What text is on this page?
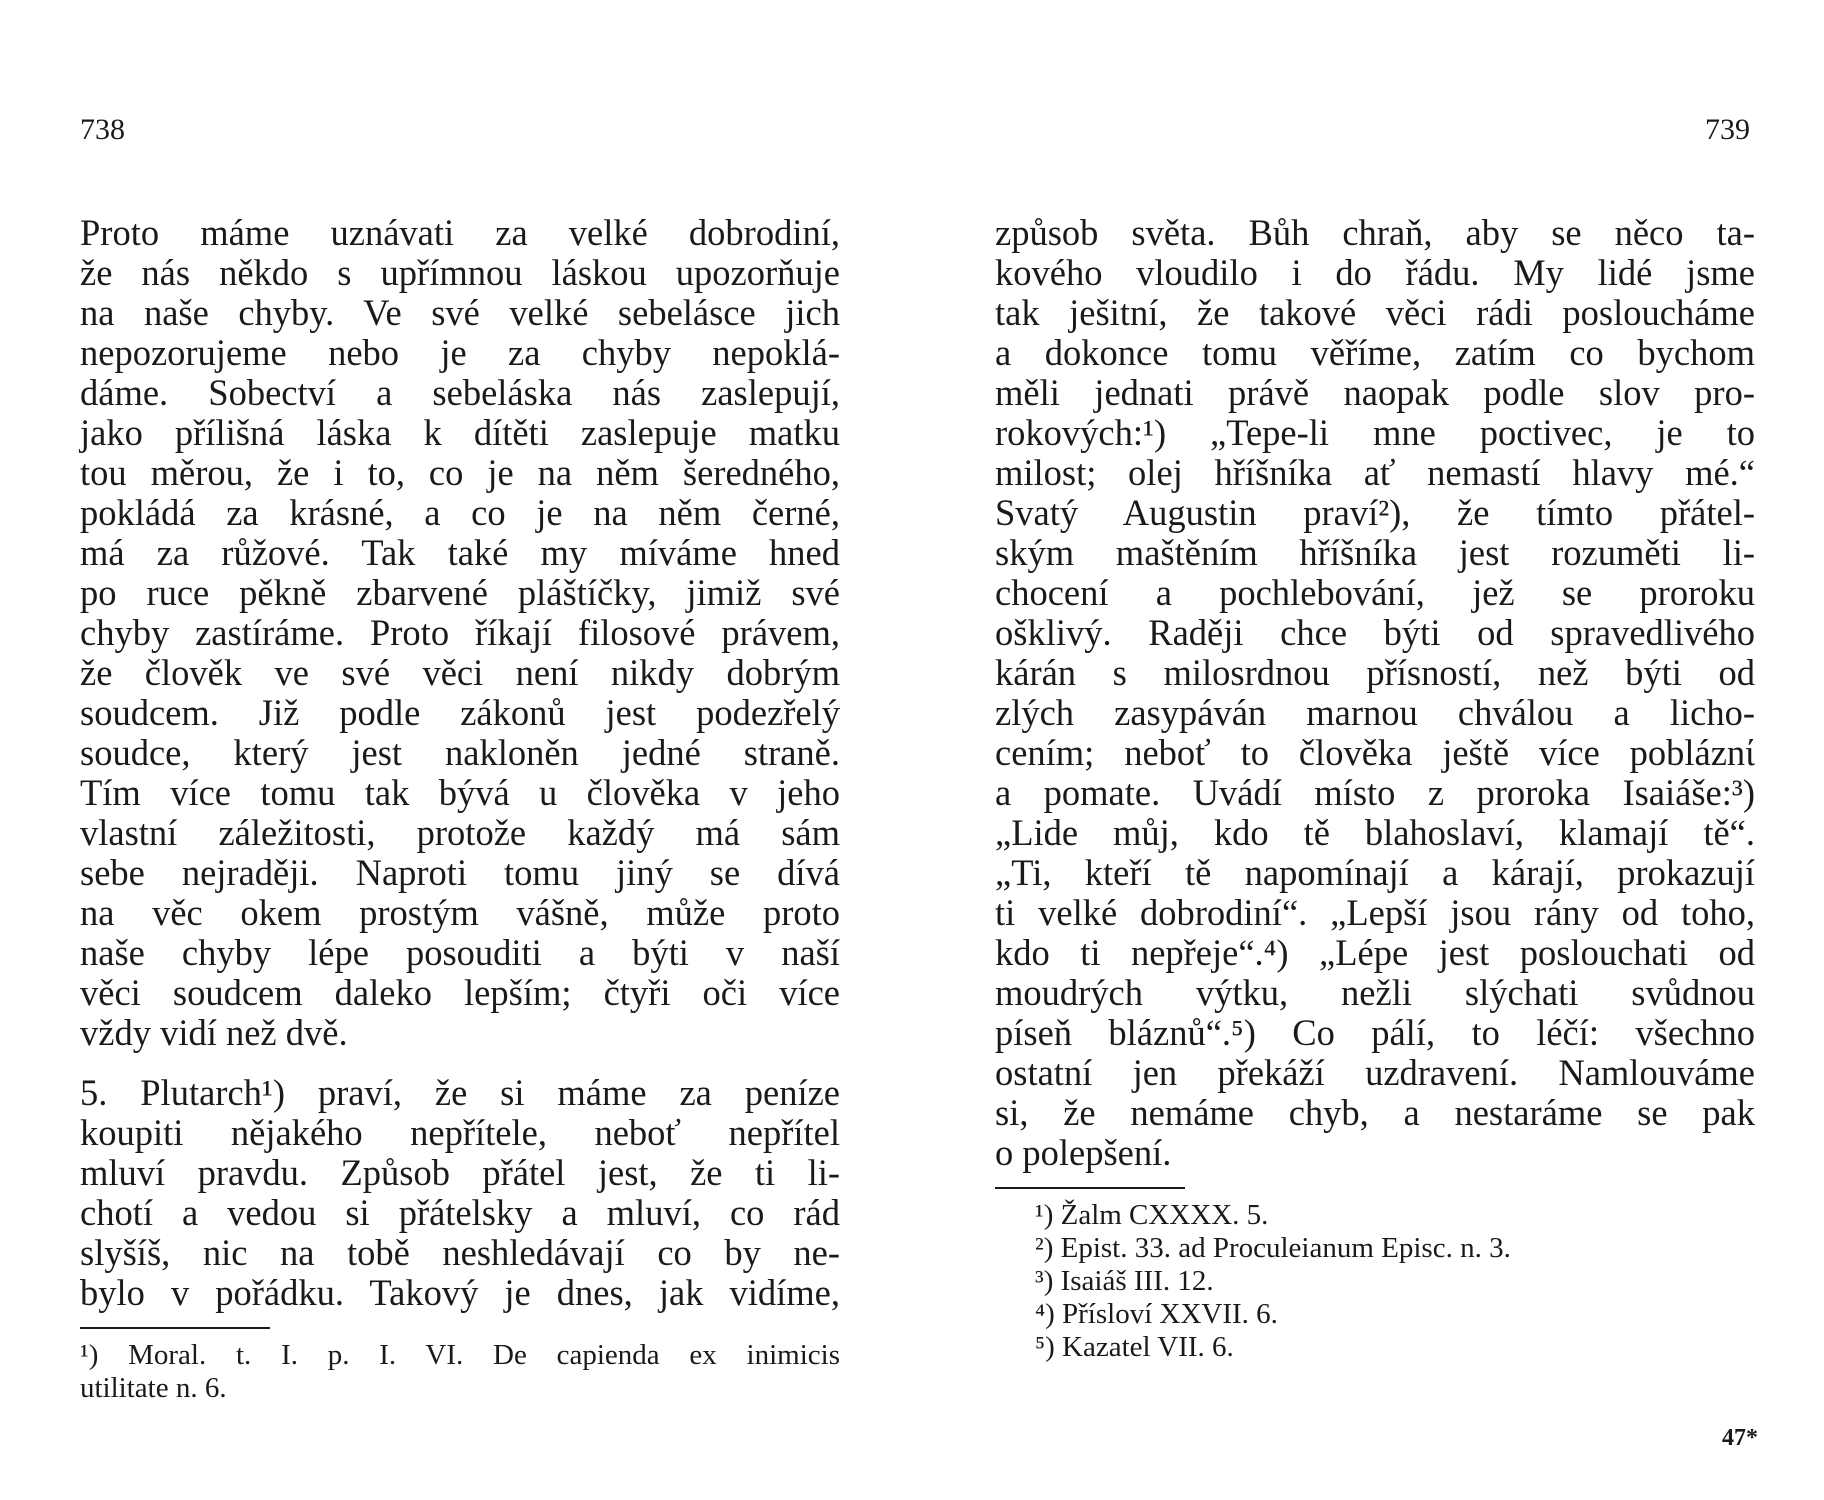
738	739
Proto máme uznávati za velké dobrodiní,
že nás někdo s upřímnou láskou upozorňuje
na naše chyby. Ve své velké sebelásce jich
nepozorujeme nebo je za chyby nepoklá-
dáme. Sobectví a sebeláska nás zaslepují,
jako přílišná láska k dítěti zaslepuje matku
tou měrou, že i to, co je na něm šeredného,
pokládá za krásné, a co je na něm černé,
má za růžové. Tak také my míváme hned
po ruce pěkně zbarvené pláštíčky, jimiž své
chyby zastíráme. Proto říkají filosové právem,
že člověk ve své věci není nikdy dobrým
soudcem. Již podle zákonů jest podezřelý
soudce, který jest nakloněn jedné straně.
Tím více tomu tak bývá u člověka v jeho
vlastní záležitosti, protože každý má sám
sebe nejraději. Naproti tomu jiný se dívá
na věc okem prostým vášně, může proto
naše chyby lépe posouditi a býti v naší
věci soudcem daleko lepším; čtyři oči více
vždy vidí než dvě.
5. Plutarch¹) praví, že si máme za peníze
koupiti nějakého nepřítele, neboť nepřítel
mluví pravdu. Způsob přátel jest, že ti li-
chotí a vedou si přátelsky a mluví, co rád
slyšíš, nic na tobě neshledávají co by ne-
bylo v pořádku. Takový je dnes, jak vidíme,
¹) Moral. t. I. p. I. VI. De capienda ex inimicis
utilitate n. 6.
způsob světa. Bůh chraň, aby se něco ta-
kového vloudilo i do řádu. My lidé jsme
tak ješitní, že takové věci rádi posloucháme
a dokonce tomu věříme, zatím co bychom
měli jednati právě naopak podle slov pro-
rokových:¹) „Tepe-li mne poctivec, je to
milost; olej hříšníka ať nemastí hlavy mé.“
Svatý Augustin praví²), že tímto přátel-
ským maštěním hříšníka jest rozuměti li-
chocení a pochlebování, jež se proroku
ošklivý. Raději chce býti od spravedlivého
kárán s milosrdnou přísností, než býti od
zlých zasypáván marnou chválou a licho-
cením; neboť to člověka ještě více pobláznί
a pomate. Uvádí místo z proroka Isaiáše:³)
„Lide můj, kdo tě blahoslaví, klamají tě“.
„Ti, kteří tě napomínají a kárají, prokazují
ti velké dobrodiní“. „Lepší jsou rány od toho,
kdo ti nepřeje“.⁴) „Lépe jest poslouchati od
moudrých výtku, nežli slýchati svůdnou
píseň bláznů“.⁵) Co pálí, to léčí: všechno
ostatní jen překáží uzdravení. Namlouváme
si, že nemáme chyb, a nestaráme se pak
o polepšení.
¹) Žalm CXXXX. 5.
²) Epist. 33. ad Proculeianum Episc. n. 3.
³) Isaiáš III. 12.
⁴) Přísloví XXVII. 6.
⁵) Kazatel VII. 6.
47*
